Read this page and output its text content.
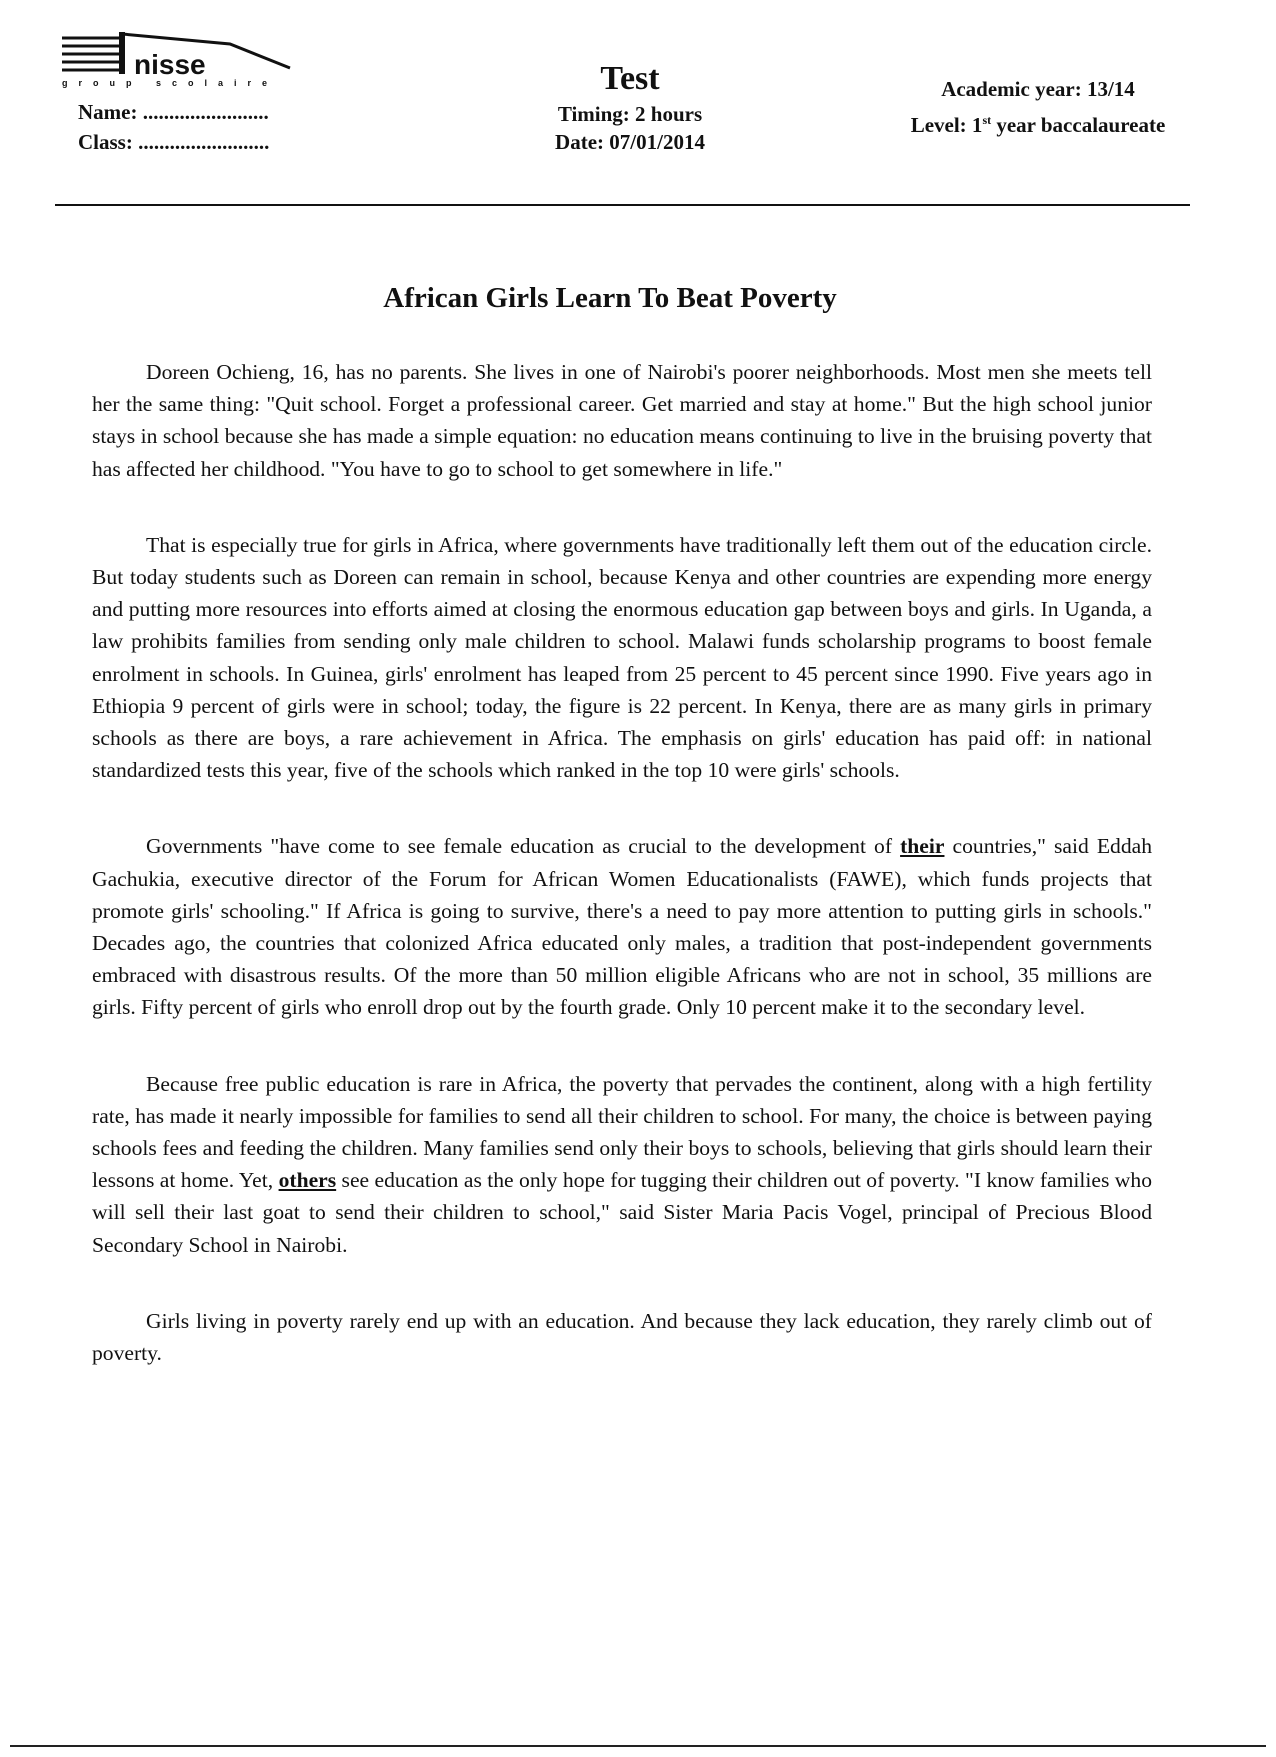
nisse
group scolaire
Name: ........................
Class: .........................
Test
Timing: 2 hours
Date: 07/01/2014
Academic year: 13/14
Level: 1st year baccalaureate
African Girls Learn To Beat Poverty

Doreen Ochieng, 16, has no parents. She lives in one of Nairobi's poorer neighborhoods. Most men she meets tell her the same thing: "Quit school. Forget a professional career. Get married and stay at home." But the high school junior stays in school because she has made a simple equation: no education means continuing to live in the bruising poverty that has affected her childhood. "You have to go to school to get somewhere in life."

That is especially true for girls in Africa, where governments have traditionally left them out of the education circle. But today students such as Doreen can remain in school, because Kenya and other countries are expending more energy and putting more resources into efforts aimed at closing the enormous education gap between boys and girls. In Uganda, a law prohibits families from sending only male children to school. Malawi funds scholarship programs to boost female enrolment in schools. In Guinea, girls' enrolment has leaped from 25 percent to 45 percent since 1990. Five years ago in Ethiopia 9 percent of girls were in school; today, the figure is 22 percent. In Kenya, there are as many girls in primary schools as there are boys, a rare achievement in Africa. The emphasis on girls' education has paid off: in national standardized tests this year, five of the schools which ranked in the top 10 were girls' schools.

Governments "have come to see female education as crucial to the development of their countries," said Eddah Gachukia, executive director of the Forum for African Women Educationalists (FAWE), which funds projects that promote girls' schooling." If Africa is going to survive, there's a need to pay more attention to putting girls in schools." Decades ago, the countries that colonized Africa educated only males, a tradition that post-independent governments embraced with disastrous results. Of the more than 50 million eligible Africans who are not in school, 35 millions are girls. Fifty percent of girls who enroll drop out by the fourth grade. Only 10 percent make it to the secondary level.

Because free public education is rare in Africa, the poverty that pervades the continent, along with a high fertility rate, has made it nearly impossible for families to send all their children to school. For many, the choice is between paying schools fees and feeding the children. Many families send only their boys to schools, believing that girls should learn their lessons at home. Yet, others see education as the only hope for tugging their children out of poverty. "I know families who will sell their last goat to send their children to school," said Sister Maria Pacis Vogel, principal of Precious Blood Secondary School in Nairobi.

Girls living in poverty rarely end up with an education. And because they lack education, they rarely climb out of poverty.
